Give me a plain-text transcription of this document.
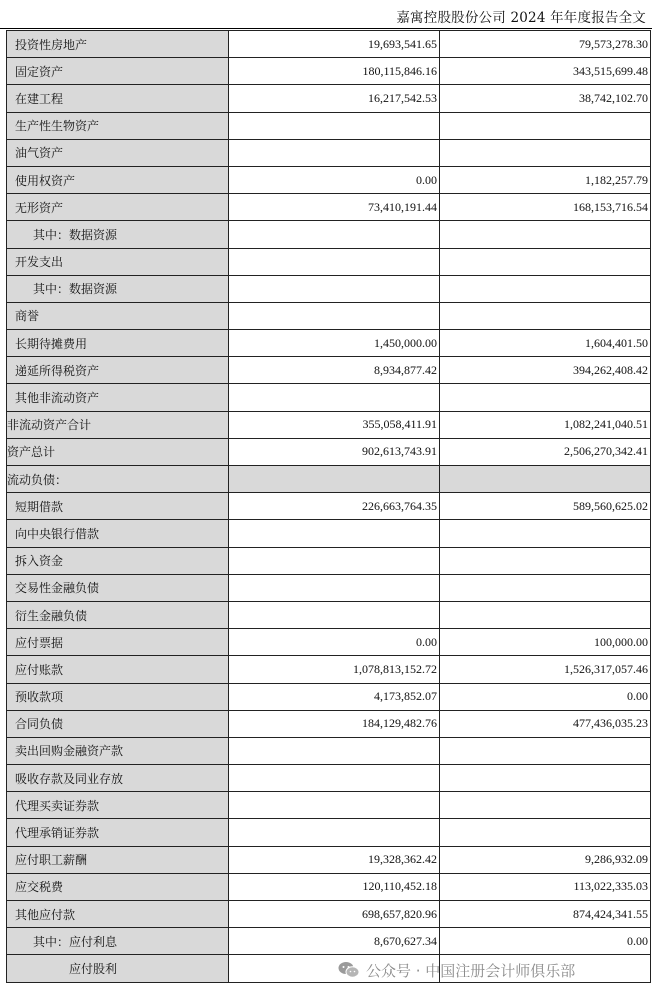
嘉寓控股股份公司 2024 年年度报告全文
投资性房地产	19,693,541.65	79,573,278.30
固定资产	180,115,846.16	343,515,699.48
在建工程	16,217,542.53	38,742,102.70
生产性生物资产		
油气资产		
使用权资产	0.00	1,182,257.79
无形资产	73,410,191.44	168,153,716.54
其中：数据资源		
开发支出		
其中：数据资源		
商誉		
长期待摊费用	1,450,000.00	1,604,401.50
递延所得税资产	8,934,877.42	394,262,408.42
其他非流动资产		
非流动资产合计	355,058,411.91	1,082,241,040.51
资产总计	902,613,743.91	2,506,270,342.41
流动负债：		
短期借款	226,663,764.35	589,560,625.02
向中央银行借款		
拆入资金		
交易性金融负债		
衍生金融负债		
应付票据	0.00	100,000.00
应付账款	1,078,813,152.72	1,526,317,057.46
预收款项	4,173,852.07	0.00
合同负债	184,129,482.76	477,436,035.23
卖出回购金融资产款		
吸收存款及同业存放		
代理买卖证券款		
代理承销证券款		
应付职工薪酬	19,328,362.42	9,286,932.09
应交税费	120,110,452.18	113,022,335.03
其他应付款	698,657,820.96	874,424,341.55
其中：应付利息	8,670,627.34	0.00
应付股利			公众号 · 中国注册会计师俱乐部
